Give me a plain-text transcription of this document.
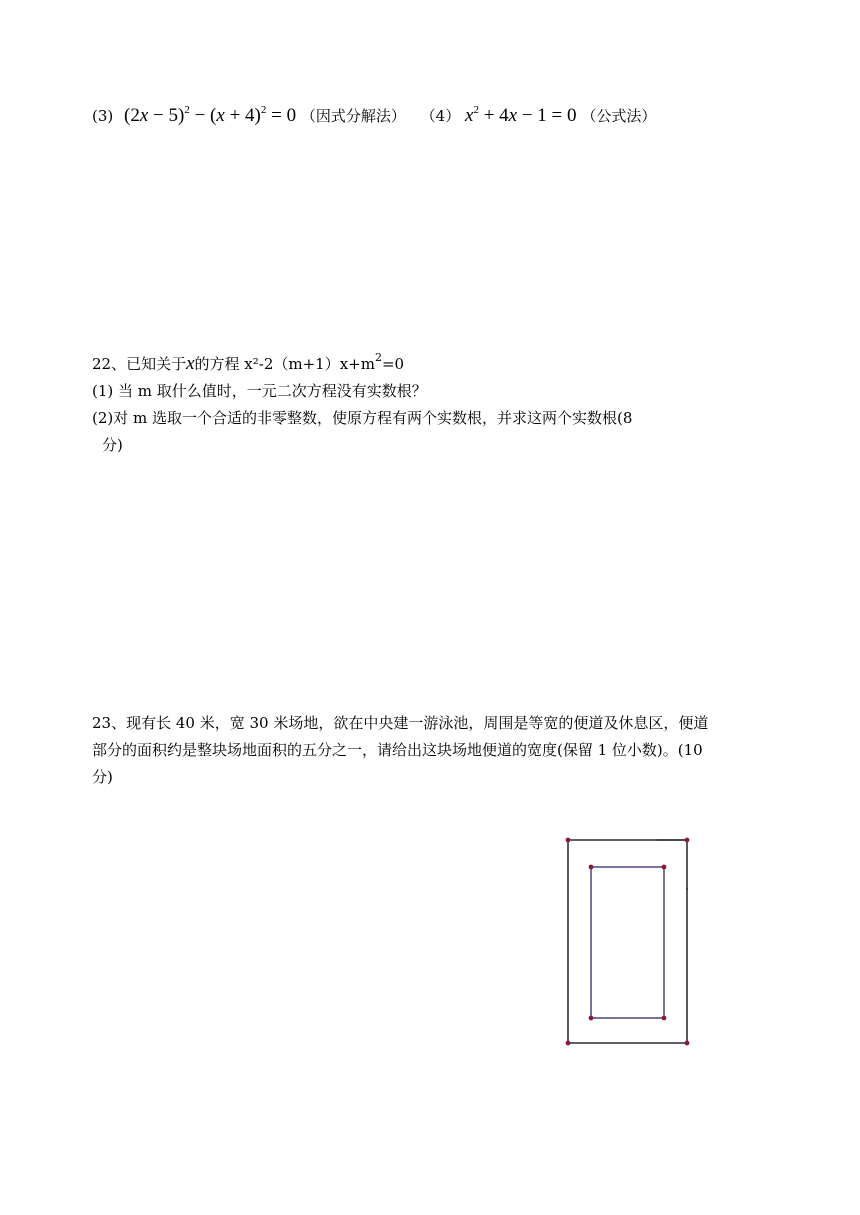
(3) $(2x - 5)^2 - (x + 4)^2 = 0$ （因式分解法） （4） $x^2 + 4x - 1 = 0$ （公式法）
22、已知关于x的方程 $x^2-2(m+1)x+m^2=0$
(1) 当 m 取什么值时，一元二次方程没有实数根？
(2)对 m 选取一个合适的非零整数，使原方程有两个实数根，并求这两个实数根(8
分)
23、现有长 40 米，宽 30 米场地，欲在中央建一游泳池，周围是等宽的便道及休息区，便道部分的面积约是整块场地面积的五分之一，请给出这块场地便道的宽度(保留 1 位小数)。(10 分)
